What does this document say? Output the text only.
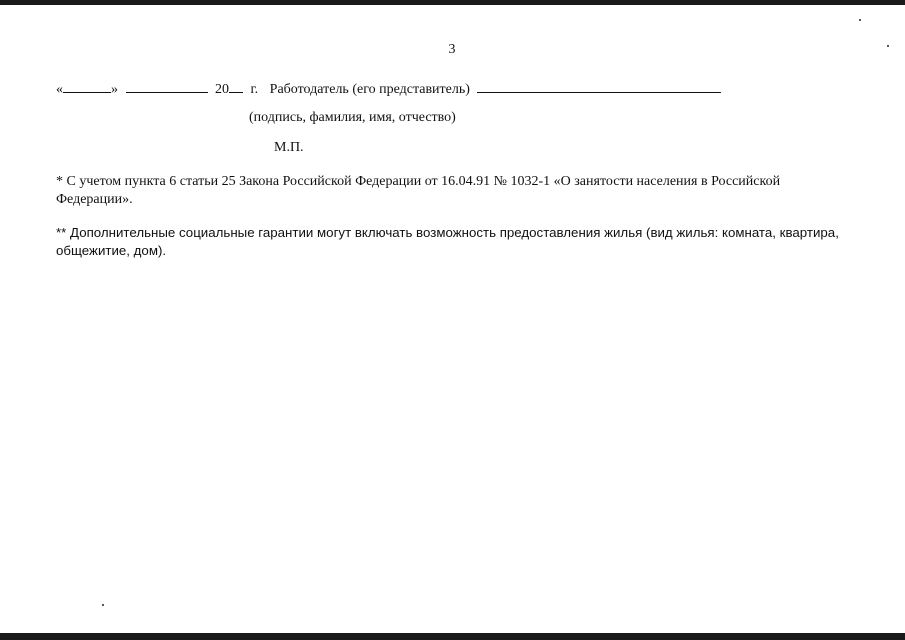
3
«	»	20 г. Работодатель (его представитель)
(подпись, фамилия, имя, отчество)
М.П.
* С учетом пункта 6 статьи 25 Закона Российской Федерации от 16.04.91 № 1032-1 «О занятости населения в Российской Федерации».
** Дополнительные социальные гарантии могут включать возможность предоставления жилья (вид жилья: комната, квартира, общежитие, дом).
